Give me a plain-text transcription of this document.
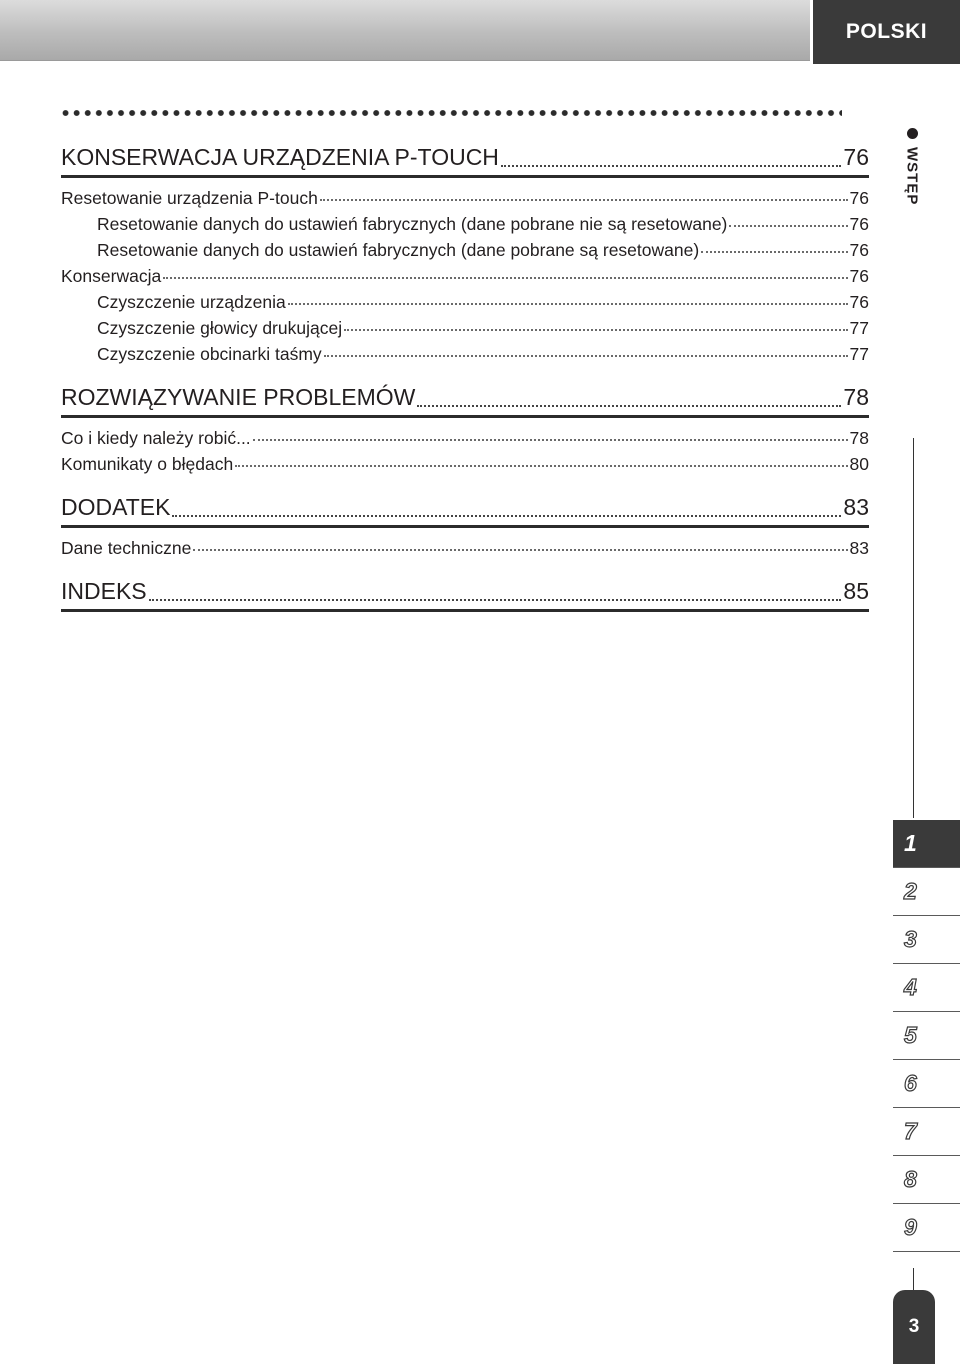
POLSKI
KONSERWACJA URZĄDZENIA P-TOUCH	76
Resetowanie urządzenia P-touch	76
Resetowanie danych do ustawień fabrycznych (dane pobrane nie są resetowane)	76
Resetowanie danych do ustawień fabrycznych (dane pobrane są resetowane)	76
Konserwacja	76
Czyszczenie urządzenia	76
Czyszczenie głowicy drukującej	77
Czyszczenie obcinarki taśmy	77
ROZWIĄZYWANIE PROBLEMÓW	78
Co i kiedy należy robić...	78
Komunikaty o błędach	80
DODATEK	83
Dane techniczne	83
INDEKS	85
WSTĘP
1
2
3
4
5
6
7
8
9
3
